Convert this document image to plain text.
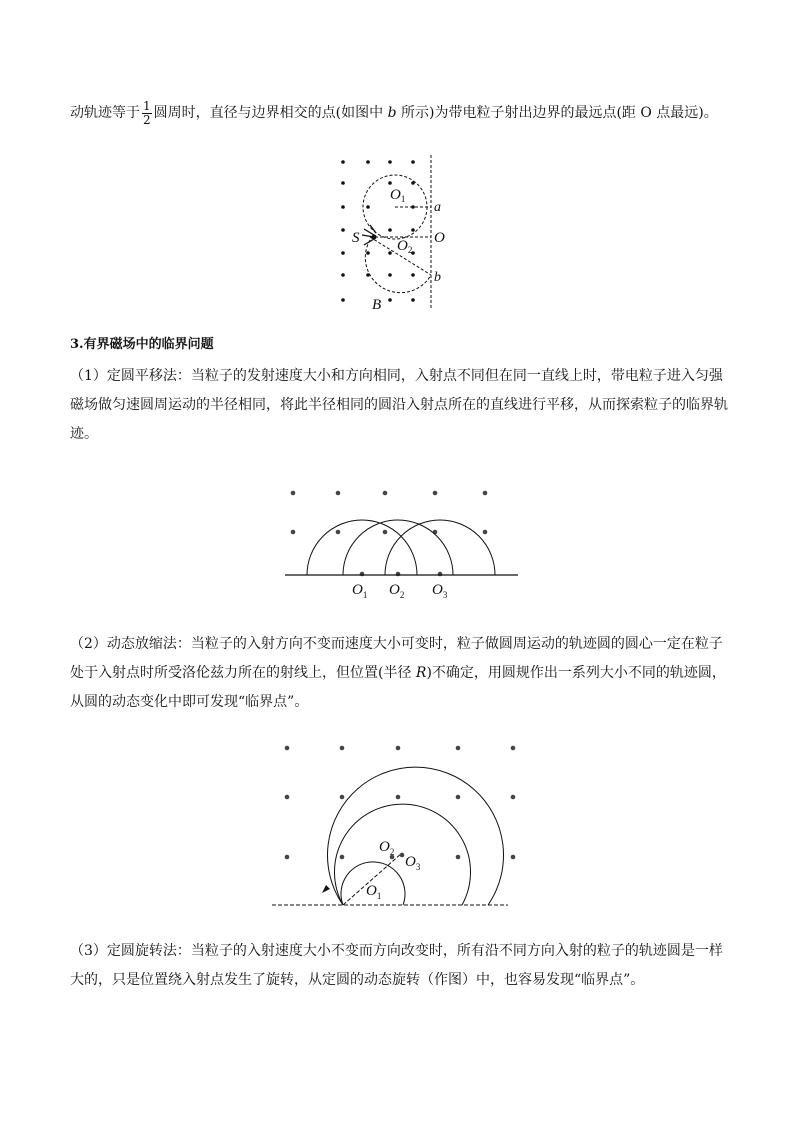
动轨迹等于 $\frac{1}{2}$ 圆周时，直径与边界相交的点(如图中 b 所示)为带电粒子射出边界的最远点(距 O 点最远)。

$O_1$
a
S	O
$O_2$
b
B

3.有界磁场中的临界问题

（1）定圆平移法：当粒子的发射速度大小和方向相同，入射点不同但在同一直线上时，带电粒子进入匀强磁场做匀速圆周运动的半径相同，将此半径相同的圆沿入射点所在的直线进行平移，从而探索粒子的临界轨迹。

$O_1$ $O_2$ $O_3$

（2）动态放缩法：当粒子的入射方向不变而速度大小可变时，粒子做圆周运动的轨迹圆的圆心一定在粒子处于入射点时所受洛伦兹力所在的射线上，但位置(半径 R)不确定，用圆规作出一系列大小不同的轨迹圆，从圆的动态变化中即可发现“临界点”。

$O_1$
$O_2$
$O_3$

（3）定圆旋转法：当粒子的入射速度大小不变而方向改变时，所有沿不同方向入射的粒子的轨迹圆是一样大的，只是位置绕入射点发生了旋转，从定圆的动态旋转（作图）中，也容易发现“临界点”。
